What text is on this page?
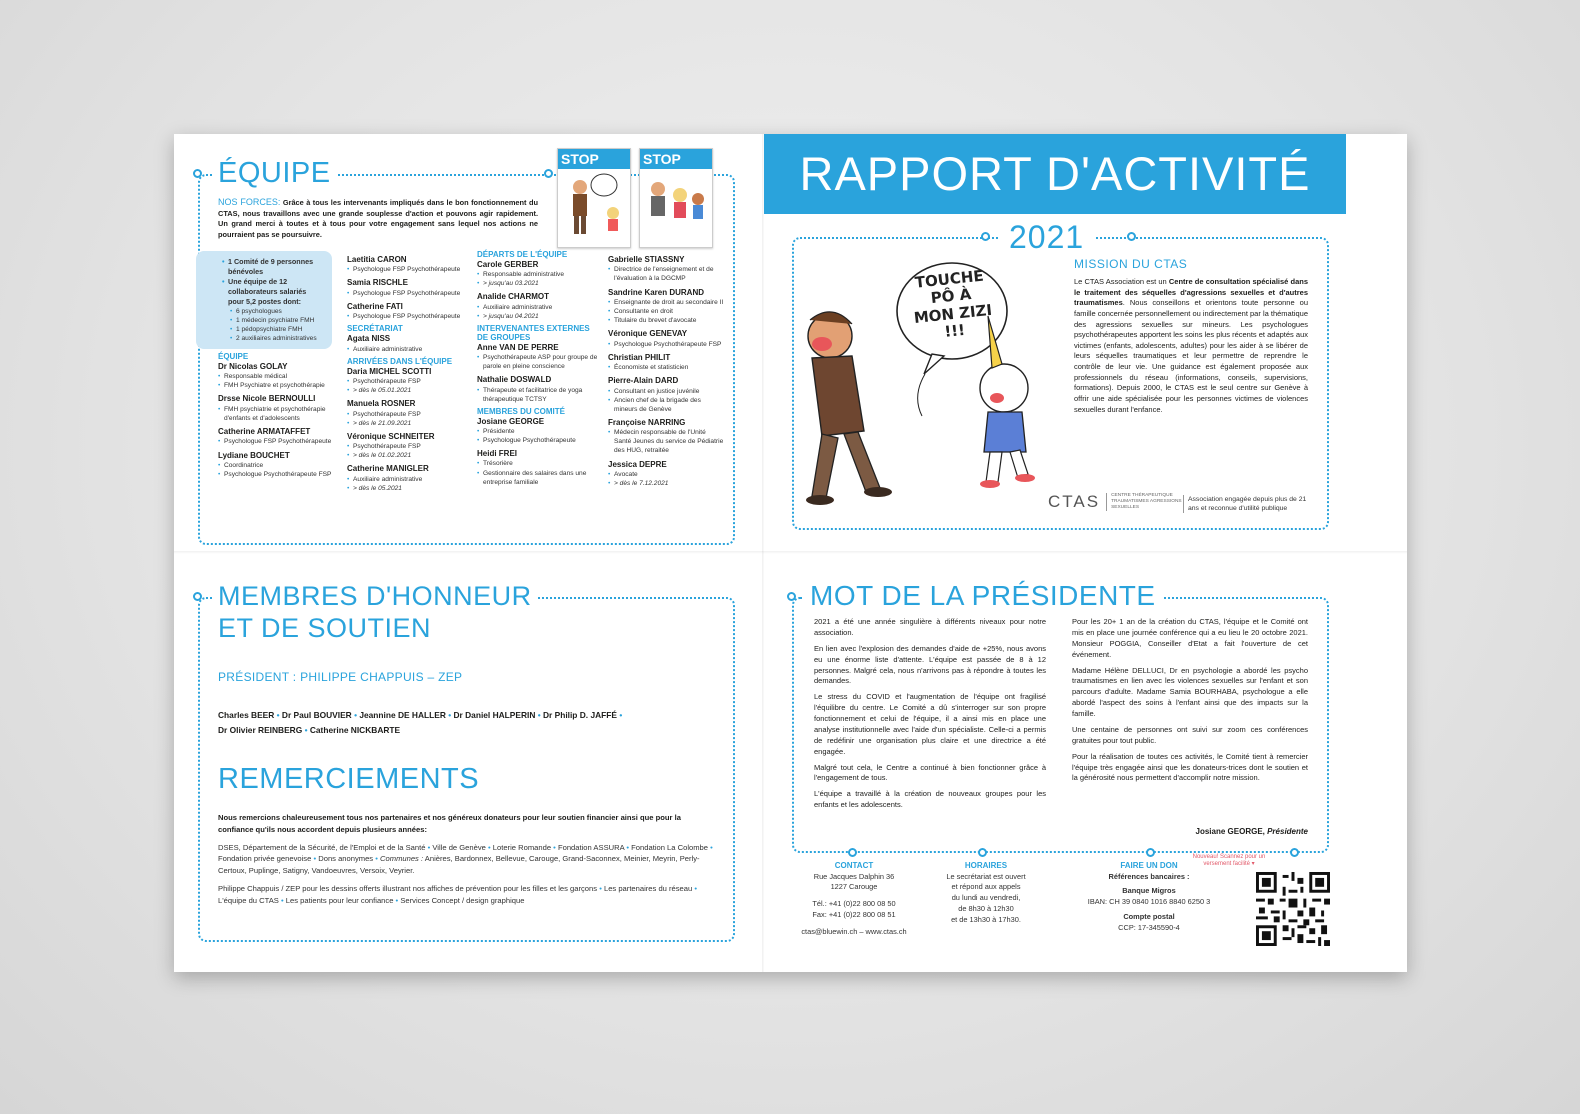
ÉQUIPE	STOP	STOP
NOS FORCES: Grâce à tous les intervenants impliqués dans le bon fonctionnement du CTAS, nous travaillons avec une grande souplesse d'action et pouvons agir rapidement. Un grand merci à toutes et à tous pour votre engagement sans lequel nos actions ne pourraient pas se poursuivre.
• 1 Comité de 9 personnes bénévoles
• Une équipe de 12 collaborateurs salariés pour 5,2 postes dont:
• 6 psychologues
• 1 médecin psychiatre FMH
• 1 pédopsychiatre FMH
• 2 auxiliaires administratives
ÉQUIPE
Dr Nicolas GOLAY
• Responsable médical
• FMH Psychiatre et psychothérapie
Drsse Nicole BERNOULLI
• FMH psychiatrie et psychothérapie d'enfants et d'adolescents
Catherine ARMATAFFET
• Psychologue FSP Psychothérapeute
Lydiane BOUCHET
• Coordinatrice
• Psychologue Psychothérapeute FSP
Laetitia CARON
• Psychologue FSP Psychothérapeute
Samia RISCHLE
• Psychologue FSP Psychothérapeute
Catherine FATI
• Psychologue FSP Psychothérapeute
SECRÉTARIAT
Agata NISS
• Auxiliaire administrative
ARRIVÉES DANS L'ÉQUIPE
Daria MICHEL SCOTTI
• Psychothérapeute FSP
• > dès le 05.01.2021
Manuela ROSNER
• Psychothérapeute FSP
• > dès le 21.09.2021
Véronique SCHNEITER
• Psychothérapeute FSP
• > dès le 01.02.2021
Catherine MANIGLER
• Auxiliaire administrative
• > dès le 05.2021
DÉPARTS DE L'ÉQUIPE
Carole GERBER
• Responsable administrative
• > jusqu'au 03.2021
Analide CHARMOT
• Auxiliaire administrative
• > jusqu'au 04.2021
INTERVENANTES EXTERNES DE GROUPES
Anne VAN DE PERRE
• Psychothérapeute ASP pour groupe de parole en pleine conscience
Nathalie DOSWALD
• Thérapeute et facilitatrice de yoga thérapeutique TCTSY
MEMBRES DU COMITÉ
Josiane GEORGE
• Présidente
• Psychologue Psychothérapeute
Heidi FREI
• Trésorière
• Gestionnaire des salaires dans une entreprise familiale
Gabrielle STIASSNY
• Directrice de l'enseignement et de l'évaluation à la DGCMP
Sandrine Karen DURAND
• Enseignante de droit au secondaire II
• Consultante en droit
• Titulaire du brevet d'avocate
Véronique GENEVAY
• Psychologue Psychothérapeute FSP
Christian PHILIT
• Économiste et statisticien
Pierre-Alain DARD
• Consultant en justice juvénile
• Ancien chef de la brigade des mineurs de Genève
Françoise NARRING
• Médecin responsable de l'Unité Santé Jeunes du service de Pédiatrie des HUG, retraitée
Jessica DEPRE
• Avocate
• > dès le 7.12.2021
RAPPORT D'ACTIVITÉ
2021
TOUCHE PÔ À MON ZIZI !!!
MISSION DU CTAS
Le CTAS Association est un Centre de consultation spécialisé dans le traitement des séquelles d'agressions sexuelles et d'autres traumatismes. Nous conseillons et orientons toute personne ou famille concernée personnellement ou indirectement par la thématique des agressions sexuelles sur mineurs. Les psychologues psychothérapeutes apportent les soins les plus récents et adaptés aux victimes (enfants, adolescents, adultes) pour les aider à se libérer de leurs séquelles traumatiques et leur permettre de reprendre le contrôle de leur vie. Une guidance est également proposée aux professionnels du réseau (informations, conseils, supervisions, formations). Depuis 2000, le CTAS est le seul centre sur Genève à offrir une aide spécialisée pour les personnes victimes de violences sexuelles durant l'enfance.
CTAS	CENTRE THÉRAPEUTIQUE TRAUMATISMES AGRESSIONS SEXUELLES
Association engagée depuis plus de 21 ans et reconnue d'utilité publique
MEMBRES D'HONNEUR
ET DE SOUTIEN
PRÉSIDENT : PHILIPPE CHAPPUIS – ZEP
Charles BEER • Dr Paul BOUVIER • Jeannine DE HALLER • Dr Daniel HALPERIN • Dr Philip D. JAFFÉ • Dr Olivier REINBERG • Catherine NICKBARTE
REMERCIEMENTS

Nous remercions chaleureusement tous nos partenaires et nos généreux donateurs pour leur soutien financier ainsi que pour la confiance qu'ils nous accordent depuis plusieurs années:

DSES, Département de la Sécurité, de l'Emploi et de la Santé • Ville de Genève • Loterie Romande • Fondation ASSURA • Fondation La Colombe • Fondation privée genevoise • Dons anonymes • Communes : Anières, Bardonnex, Bellevue, Carouge, Grand-Saconnex, Meinier, Meyrin, Perly-Certoux, Puplinge, Satigny, Vandoeuvres, Versoix, Veyrier.

Philippe Chappuis / ZEP pour les dessins offerts illustrant nos affiches de prévention pour les filles et les garçons • Les partenaires du réseau • L'équipe du CTAS • Les patients pour leur confiance • Services Concept / design graphique

MOT DE LA PRÉSIDENTE

2021 a été une année singulière à différents niveaux pour notre association.

En lien avec l'explosion des demandes d'aide de +25%, nous avons eu une énorme liste d'attente. L'équipe est passée de 8 à 12 personnes. Malgré cela, nous n'arrivons pas à répondre à toutes les demandes.

Le stress du COVID et l'augmentation de l'équipe ont fragilisé l'équilibre du centre. Le Comité a dû s'interroger sur son propre fonctionnement et celui de l'équipe, il a ainsi mis en place une analyse institutionnelle avec l'aide d'un spécialiste. Celle-ci a permis de redéfinir une organisation plus claire et une directrice a été engagée.

Malgré tout cela, le Centre a continué à bien fonctionner grâce à l'engagement de tous.

L'équipe a travaillé à la création de nouveaux groupes pour les enfants et les adolescents.

Pour les 20+ 1 an de la création du CTAS, l'équipe et le Comité ont mis en place une journée conférence qui a eu lieu le 20 octobre 2021. Monsieur POGGIA, Conseiller d'Etat a fait l'ouverture de cet événement.

Madame Hélène DELLUCI, Dr en psychologie a abordé les psycho traumatismes en lien avec les violences sexuelles sur l'enfant et son parcours d'adulte. Madame Samia BOURHABA, psychologue a elle abordé l'aspect des soins à l'enfant ainsi que des impacts sur la famille.

Une centaine de personnes ont suivi sur zoom ces conférences gratuites pour tout public.

Pour la réalisation de toutes ces activités, le Comité tient à remercier l'équipe très engagée ainsi que les donateurs-trices dont le soutien et la générosité nous permettent d'accomplir notre mission.

Josiane GEORGE, Présidente
CONTACT
Rue Jacques Dalphin 36
1227 Carouge
Tél.: +41 (0)22 800 08 50
Fax: +41 (0)22 800 08 51
ctas@bluewin.ch – www.ctas.ch
HORAIRES
Le secrétariat est ouvert
et répond aux appels
du lundi au vendredi,
de 8h30 à 12h30
et de 13h30 à 17h30.
FAIRE UN DON
Références bancaires :
Banque Migros
IBAN: CH 39 0840 1016 8840 6250 3
Compte postal
CCP: 17-345590-4
Nouveau! Scannez pour un versement facilité ▾
